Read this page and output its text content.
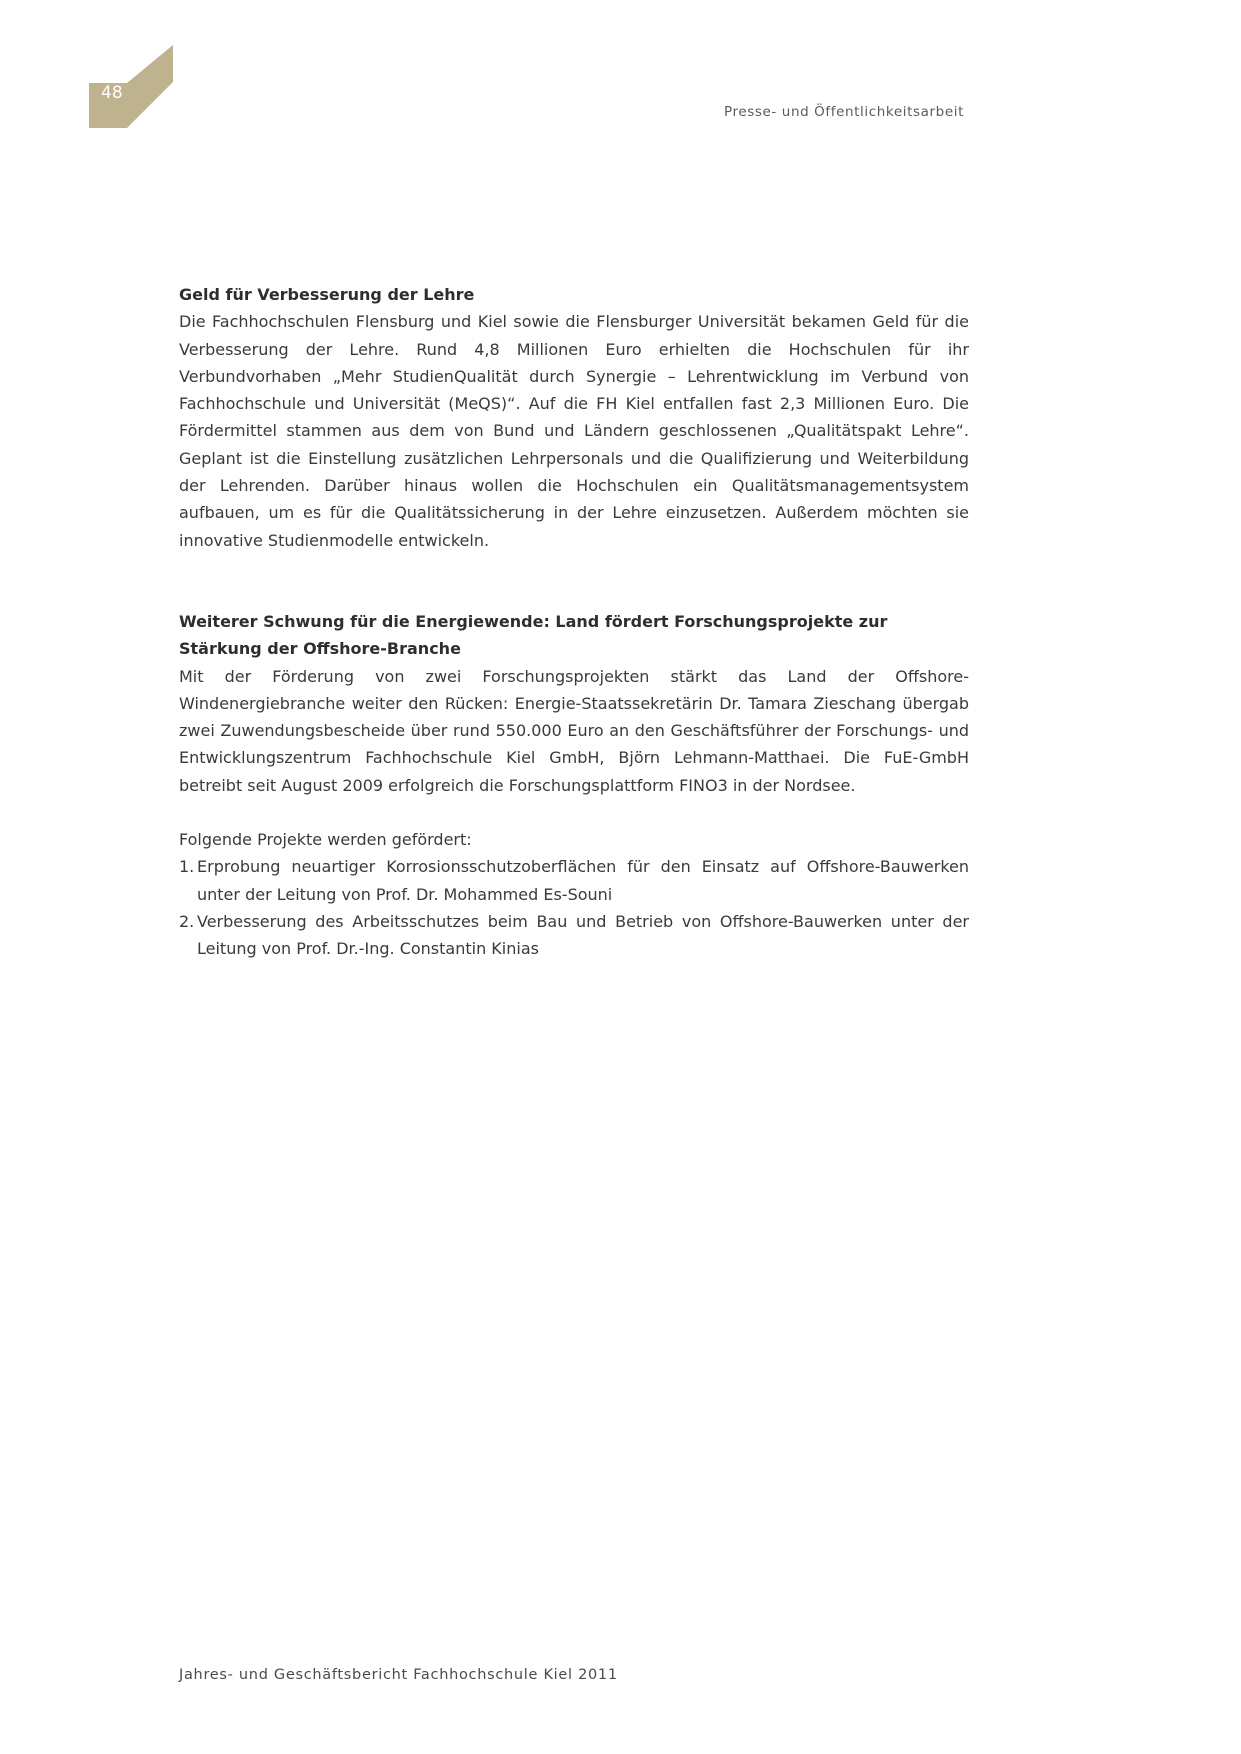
48
Presse- und Öffentlichkeitsarbeit
Geld für Verbesserung der Lehre

Die Fachhochschulen Flensburg und Kiel sowie die Flensburger Universität bekamen Geld für die Verbesserung der Lehre. Rund 4,8 Millionen Euro erhielten die Hochschulen für ihr Verbundvorhaben „Mehr StudienQualität durch Synergie – Lehrentwicklung im Verbund von Fachhochschule und Universität (MeQS)“. Auf die FH Kiel entfallen fast 2,3 Millionen Euro. Die Fördermittel stammen aus dem von Bund und Ländern geschlossenen „Qualitätspakt Lehre“. Geplant ist die Einstellung zusätzlichen Lehrpersonals und die Qualifizierung und Weiterbildung der Lehrenden. Darüber hinaus wollen die Hochschulen ein Qualitätsmanagementsystem aufbauen, um es für die Qualitätssicherung in der Lehre einzusetzen. Außerdem möchten sie innovative Studienmodelle entwickeln.

Weiterer Schwung für die Energiewende: Land fördert Forschungsprojekte zur Stärkung der Offshore-Branche

Mit der Förderung von zwei Forschungsprojekten stärkt das Land der Offshore-Windenergiebranche weiter den Rücken: Energie-Staatssekretärin Dr. Tamara Zieschang übergab zwei Zuwendungsbescheide über rund 550.000 Euro an den Geschäftsführer der Forschungs- und Entwicklungszentrum Fachhochschule Kiel GmbH, Björn Lehmann-Matthaei. Die FuE-GmbH betreibt seit August 2009 erfolgreich die Forschungsplattform FINO3 in der Nordsee.

Folgende Projekte werden gefördert:

1. Erprobung neuartiger Korrosionsschutzoberflächen für den Einsatz auf Offshore-Bauwerken unter der Leitung von Prof. Dr. Mohammed Es-Souni
2. Verbesserung des Arbeitsschutzes beim Bau und Betrieb von Offshore-Bauwerken unter der Leitung von Prof. Dr.-Ing. Constantin Kinias
Jahres- und Geschäftsbericht Fachhochschule Kiel 2011
